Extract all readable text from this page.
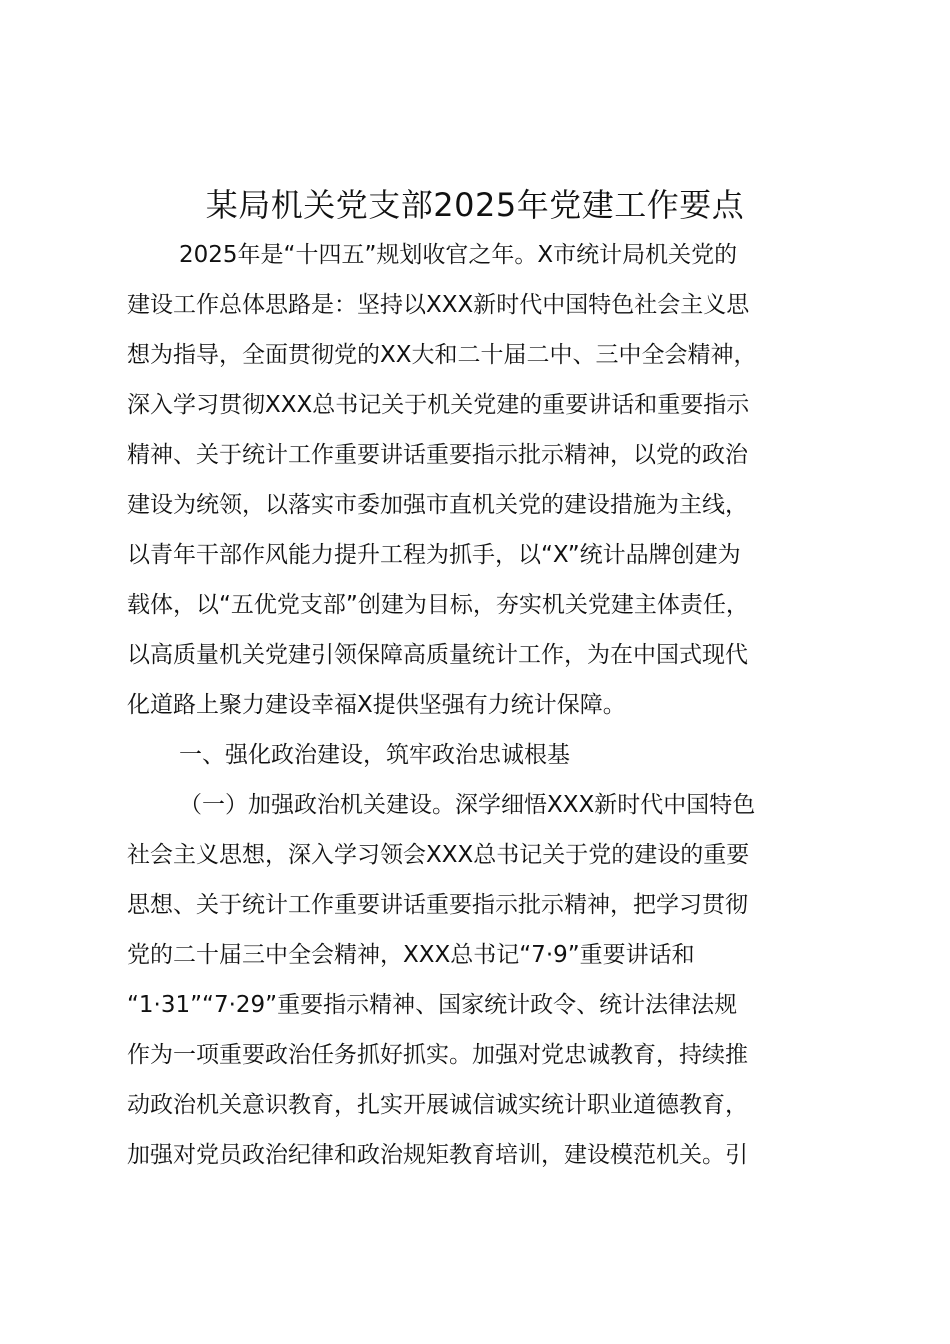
某局机关党支部2025年党建工作要点
2025年是“十四五”规划收官之年。X市统计局机关党的
建设工作总体思路是：坚持以XXX新时代中国特色社会主义思
想为指导，全面贯彻党的XX大和二十届二中、三中全会精神，
深入学习贯彻XXX总书记关于机关党建的重要讲话和重要指示
精神、关于统计工作重要讲话重要指示批示精神，以党的政治
建设为统领，以落实市委加强市直机关党的建设措施为主线，
以青年干部作风能力提升工程为抓手，以“X”统计品牌创建为
载体，以“五优党支部”创建为目标，夯实机关党建主体责任，
以高质量机关党建引领保障高质量统计工作，为在中国式现代
化道路上聚力建设幸福X提供坚强有力统计保障。
一、强化政治建设，筑牢政治忠诚根基
（一）加强政治机关建设。深学细悟XXX新时代中国特色
社会主义思想，深入学习领会XXX总书记关于党的建设的重要
思想、关于统计工作重要讲话重要指示批示精神，把学习贯彻
党的二十届三中全会精神，XXX总书记“7·9”重要讲话和
“1·31”“7·29”重要指示精神、国家统计政令、统计法律法规
作为一项重要政治任务抓好抓实。加强对党忠诚教育，持续推
动政治机关意识教育，扎实开展诚信诚实统计职业道德教育，
加强对党员政治纪律和政治规矩教育培训，建设模范机关。引
